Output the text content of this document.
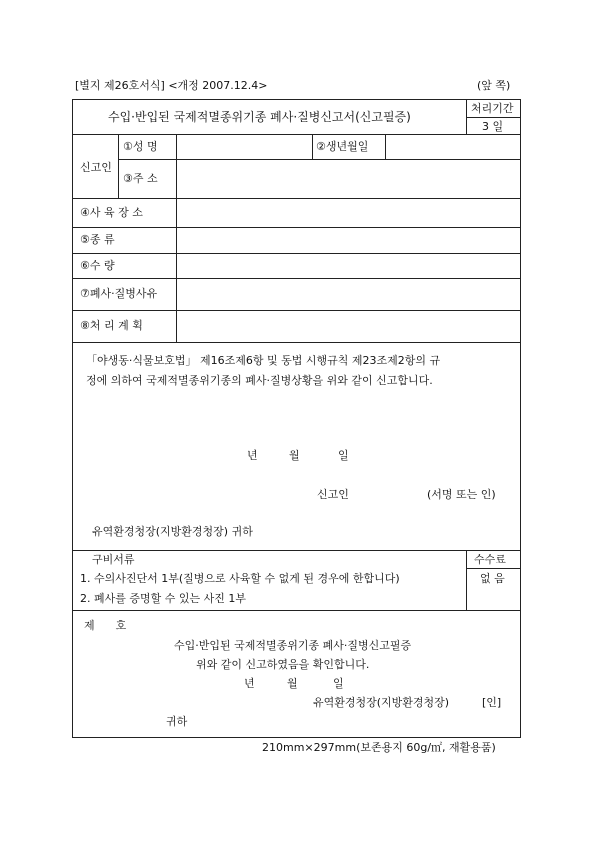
[별지 제26호서식] <개정 2007.12.4>	(앞 쪽)
수입·반입된 국제적멸종위기종 폐사·질병신고서(신고필증)
처리기간
3 일
신고인
①성 명	②생년월일
③주 소
④사 육 장 소
⑤종 류
⑥수 량
⑦폐사·질병사유
⑧처 리 계 획
「야생동·식물보호법」 제16조제6항 및 동법 시행규칙 제23조제2항의 규
정에 의하여 국제적멸종위기종의 폐사·질병상황을 위와 같이 신고합니다.
년	월	일
신고인	(서명 또는 인)
유역환경청장(지방환경청장) 귀하
구비서류
1. 수의사진단서 1부(질병으로 사육할 수 없게 된 경우에 한합니다)
2. 폐사를 증명할 수 있는 사진 1부
수수료
없 음
제      호
수입·반입된 국제적멸종위기종 폐사·질병신고필증
위와 같이 신고하였음을 확인합니다.
년	월	일
유역환경청장(지방환경청장)	[인]
귀하
210mm×297mm(보존용지 60g/㎡, 재활용품)
